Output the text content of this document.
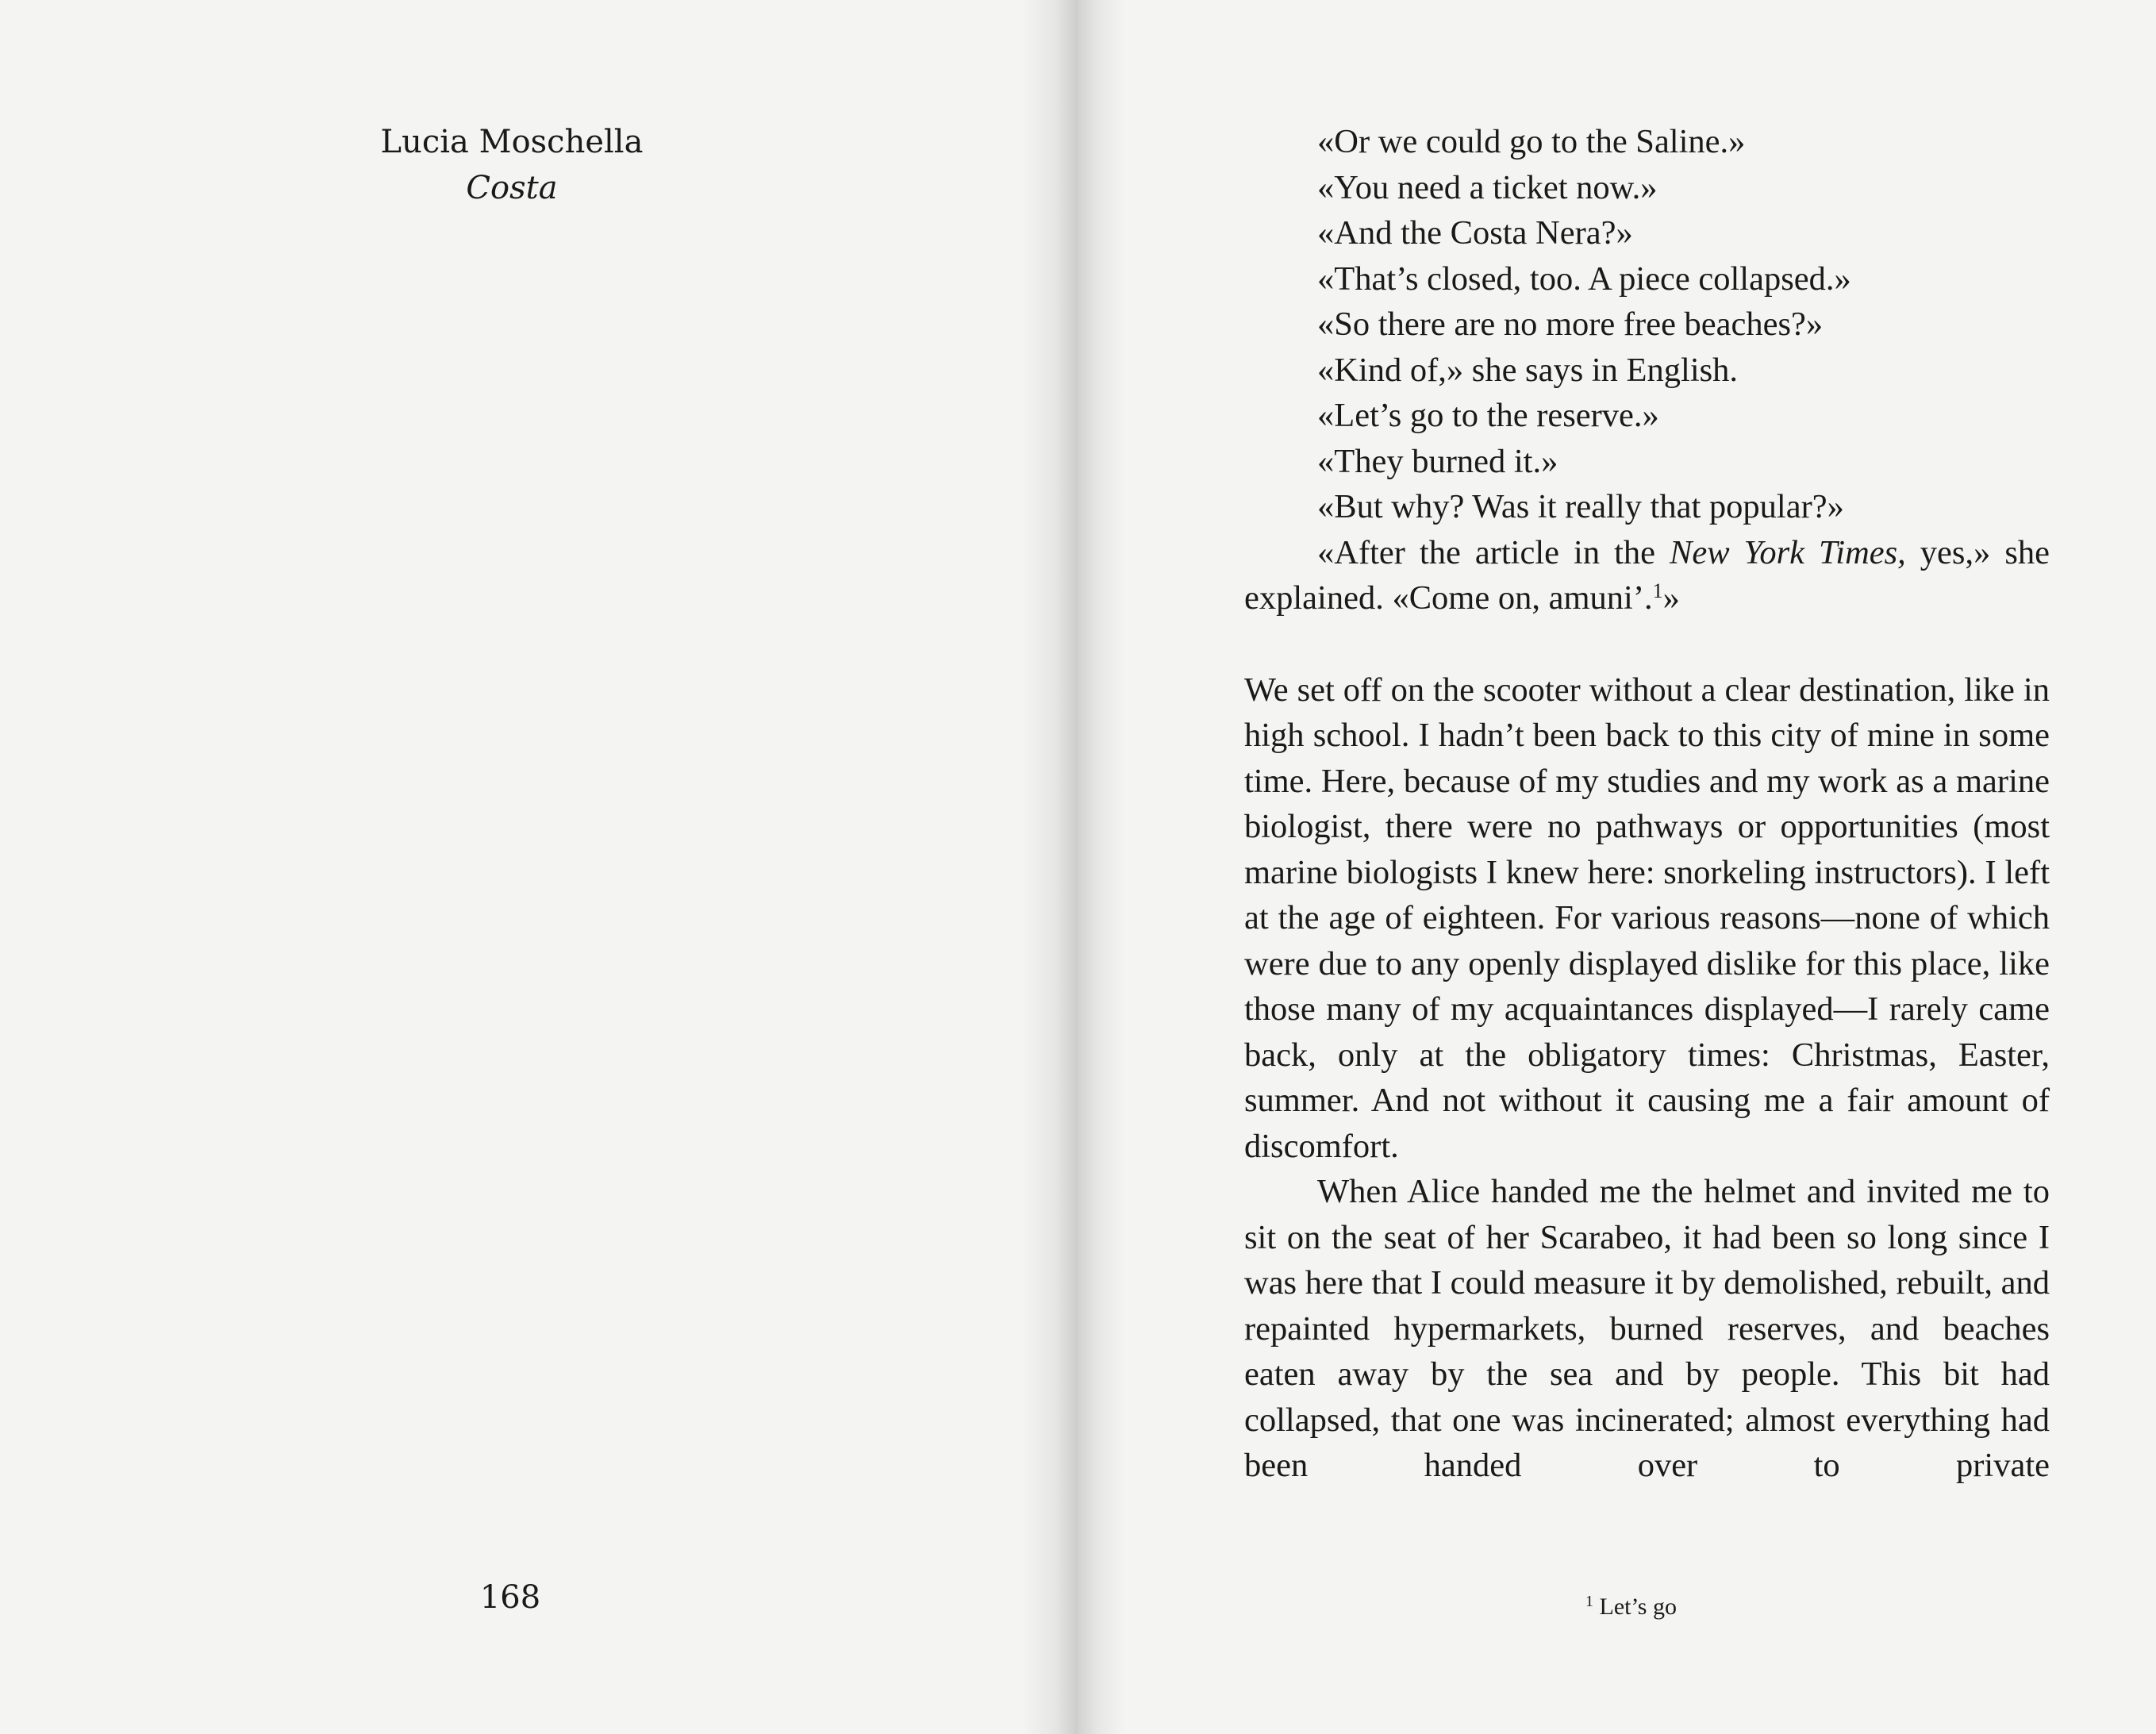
Lucia Moschella
Costa
168

«Or we could go to the Saline.»

«You need a ticket now.»

«And the Costa Nera?»

«That’s closed, too. A piece collapsed.»

«So there are no more free beaches?»

«Kind of,» she says in English.

«Let’s go to the reserve.»

«They burned it.»

«But why? Was it really that popular?»

«After the article in the New York Times, yes,» she explained. «Come on, amuni’.$^1$»

We set off on the scooter without a clear destination, like in high school. I hadn’t been back to this city of mine in some time. Here, because of my studies and my work as a marine biologist, there were no pathways or opportunities (most marine biologists I knew here: snorkeling instructors). I left at the age of eighteen. For various reasons—none of which were due to any openly displayed dislike for this place, like those many of my acquaintances displayed—I rarely came back, only at the obligatory times: Christmas, Easter, summer. And not without it causing me a fair amount of discomfort.

When Alice handed me the helmet and invited me to sit on the seat of her Scarabeo, it had been so long since I was here that I could measure it by demolished, rebuilt, and repainted hypermarkets, burned reserves, and beaches eaten away by the sea and by people. This bit had collapsed, that one was incinerated; almost everything had been handed over to private

$^1$ Let’s go
